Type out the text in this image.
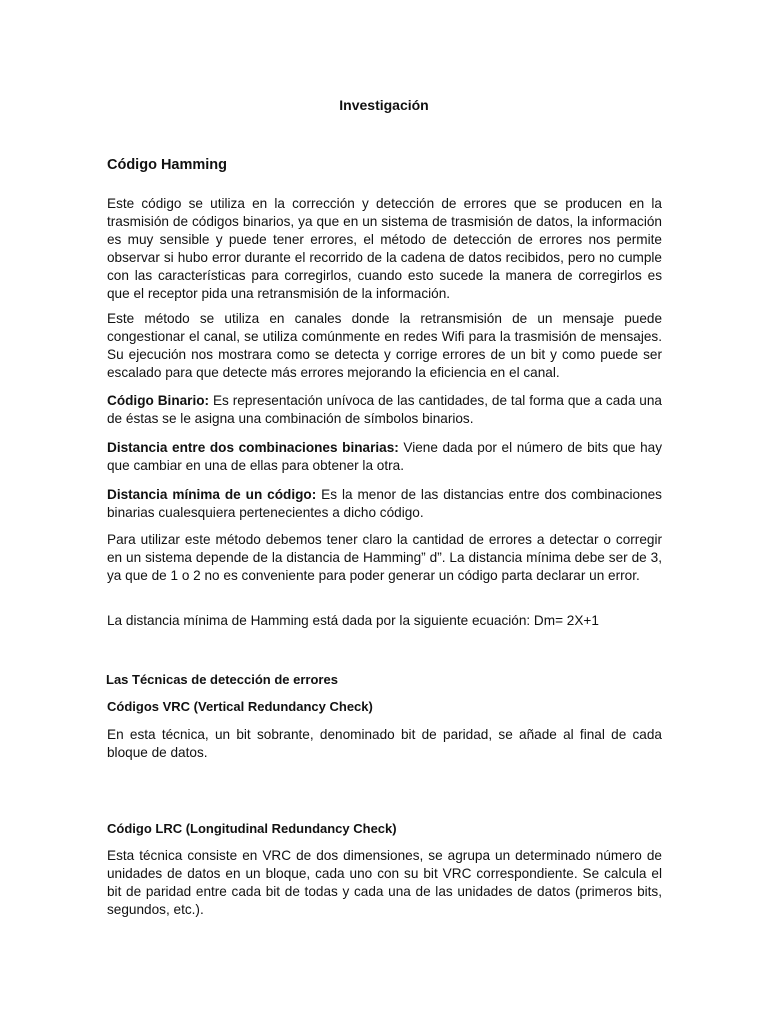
Investigación
Código Hamming
Este código se utiliza en la corrección y detección de errores que se producen en la trasmisión de códigos binarios, ya que en un sistema de trasmisión de datos, la información es muy sensible y puede tener errores, el método de detección de errores nos permite observar si hubo error durante el recorrido de la cadena de datos recibidos, pero no cumple con las características para corregirlos, cuando esto sucede la manera de corregirlos es que el receptor pida una retransmisión de la información.
Este método se utiliza en canales donde la retransmisión de un mensaje puede congestionar el canal, se utiliza comúnmente en redes Wifi para la trasmisión de mensajes. Su ejecución nos mostrara como se detecta y corrige errores de un bit y como puede ser escalado para que detecte más errores mejorando la eficiencia en el canal.
Código Binario: Es representación unívoca de las cantidades, de tal forma que a cada una de éstas se le asigna una combinación de símbolos binarios.
Distancia entre dos combinaciones binarias: Viene dada por el número de bits que hay que cambiar en una de ellas para obtener la otra.
Distancia mínima de un código: Es la menor de las distancias entre dos combinaciones binarias cualesquiera pertenecientes a dicho código.
Para utilizar este método debemos tener claro la cantidad de errores a detectar o corregir en un sistema depende de la distancia de Hamming” d”. La distancia mínima debe ser de 3, ya que de 1 o 2 no es conveniente para poder generar un código parta declarar un error.
La distancia mínima de Hamming está dada por la siguiente ecuación: Dm= 2X+1
Las Técnicas de detección de errores
Códigos VRC (Vertical Redundancy Check)
En esta técnica, un bit sobrante, denominado bit de paridad, se añade al final de cada bloque de datos.
Código LRC (Longitudinal Redundancy Check)
Esta técnica consiste en VRC de dos dimensiones, se agrupa un determinado número de unidades de datos en un bloque, cada uno con su bit VRC correspondiente. Se calcula el bit de paridad entre cada bit de todas y cada una de las unidades de datos (primeros bits, segundos, etc.).
